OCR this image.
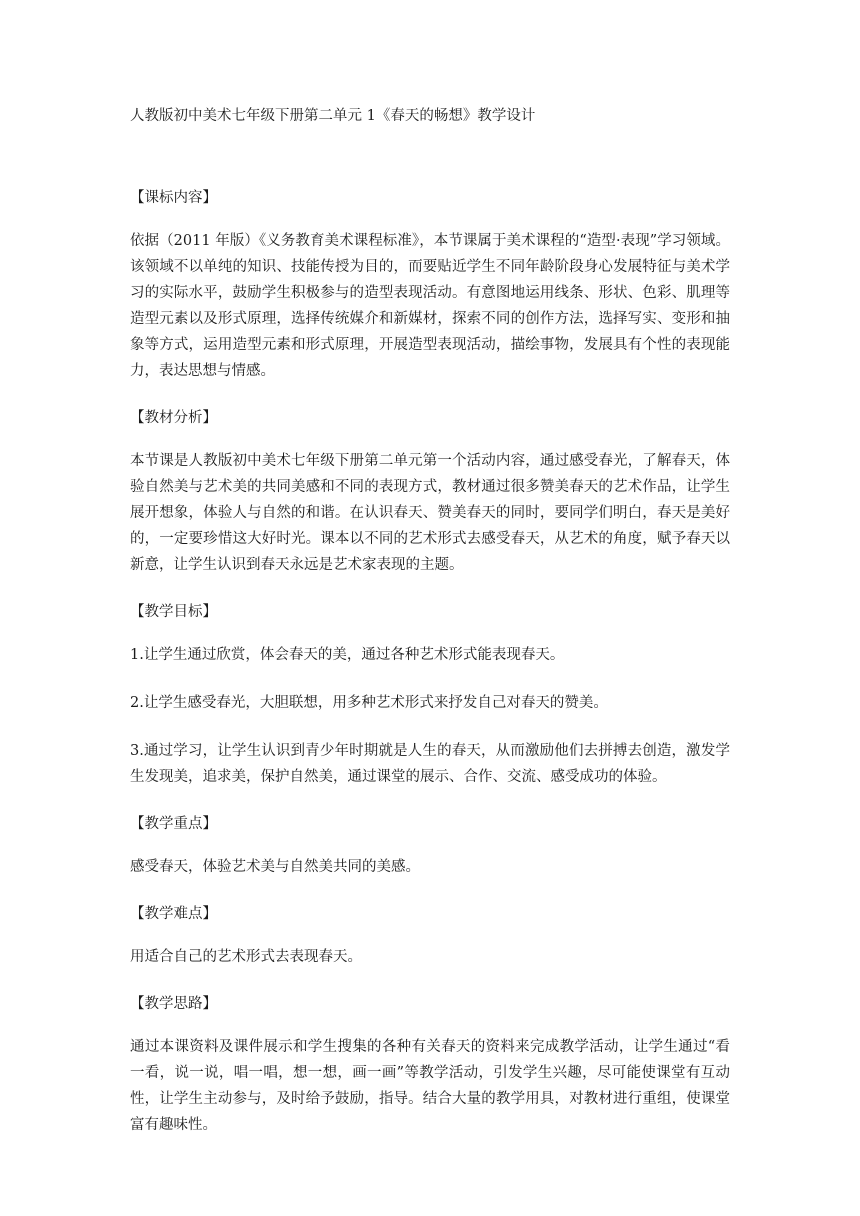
人教版初中美术七年级下册第二单元 1《春天的畅想》教学设计

【课标内容】

依据（2011 年版）《义务教育美术课程标准》，本节课属于美术课程的“造型·表现”学习领域。该领域不以单纯的知识、技能传授为目的，而要贴近学生不同年龄阶段身心发展特征与美术学习的实际水平，鼓励学生积极参与的造型表现活动。有意图地运用线条、形状、色彩、肌理等造型元素以及形式原理，选择传统媒介和新媒材，探索不同的创作方法，选择写实、变形和抽象等方式，运用造型元素和形式原理，开展造型表现活动，描绘事物，发展具有个性的表现能力，表达思想与情感。

【教材分析】

本节课是人教版初中美术七年级下册第二单元第一个活动内容，通过感受春光，了解春天，体验自然美与艺术美的共同美感和不同的表现方式，教材通过很多赞美春天的艺术作品，让学生展开想象，体验人与自然的和谐。在认识春天、赞美春天的同时，要同学们明白，春天是美好的，一定要珍惜这大好时光。课本以不同的艺术形式去感受春天，从艺术的角度，赋予春天以新意，让学生认识到春天永远是艺术家表现的主题。

【教学目标】

1.让学生通过欣赏，体会春天的美，通过各种艺术形式能表现春天。

2.让学生感受春光，大胆联想，用多种艺术形式来抒发自己对春天的赞美。

3.通过学习，让学生认识到青少年时期就是人生的春天，从而激励他们去拼搏去创造，激发学生发现美，追求美，保护自然美，通过课堂的展示、合作、交流、感受成功的体验。

【教学重点】

感受春天，体验艺术美与自然美共同的美感。

【教学难点】

用适合自己的艺术形式去表现春天。

【教学思路】

通过本课资料及课件展示和学生搜集的各种有关春天的资料来完成教学活动，让学生通过“看一看，说一说，唱一唱，想一想，画一画”等教学活动，引发学生兴趣，尽可能使课堂有互动性，让学生主动参与，及时给予鼓励，指导。结合大量的教学用具，对教材进行重组，使课堂富有趣味性。
